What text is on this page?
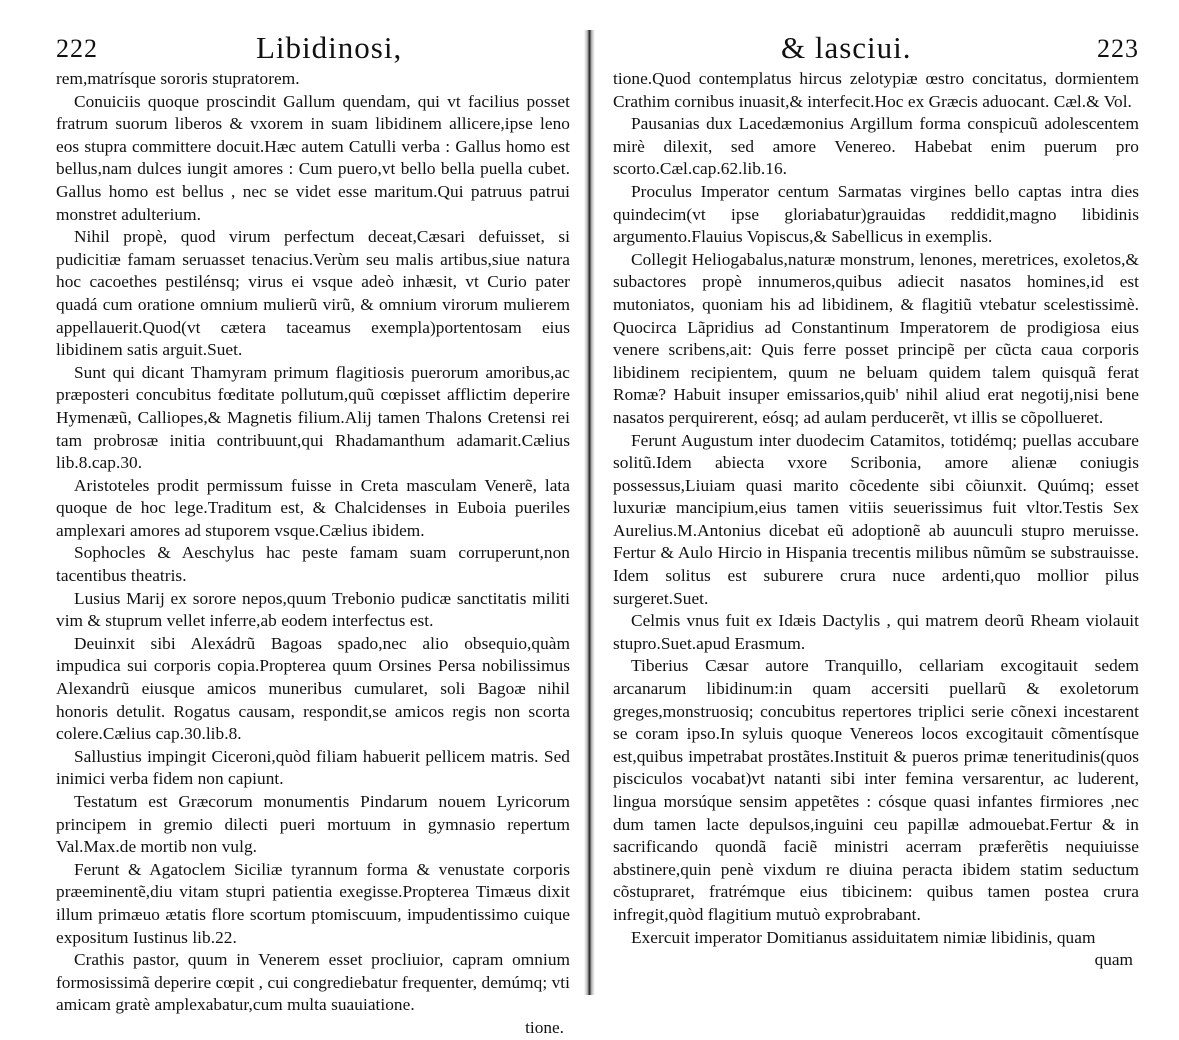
222	Libidinosi,

rem,matrísque sororis stupratorem.

Conuiciis quoque proscindit Gallum quendam, qui vt facilius posset fratrum suorum liberos & vxorem in suam libidinem allicere,ipse leno eos stupra committere docuit.Hæc autem Catulli verba : Gallus homo est bellus,nam dulces iungit amores : Cum puero,vt bello bella puella cubet. Gallus homo est bellus , nec se videt esse maritum.Qui patruus patrui monstret adulterium.

Nihil propè, quod virum perfectum deceat,Cæsari defuisset, si pudicitiæ famam seruasset tenacius.Verùm seu malis artibus,siue natura hoc cacoethes pestilénsq; virus ei vsque adeò inhæsit, vt Curio pater quadá cum oratione omnium mulierũ virũ, & omnium virorum mulierem appellauerit.Quod(vt cætera taceamus exempla)portentosam eius libidinem satis arguit.Suet.

Sunt qui dicant Thamyram primum flagitiosis puerorum amoribus,ac præposteri concubitus fœditate pollutum,quũ cœpisset afflictim deperire Hymenæũ, Calliopes,& Magnetis filium.Alij tamen Thalons Cretensi rei tam probrosæ initia contribuunt,qui Rhadamanthum adamarit.Cælius lib.8.cap.30.

Aristoteles prodit permissum fuisse in Creta masculam Venerẽ, lata quoque de hoc lege.Traditum est, & Chalcidenses in Euboia pueriles amplexari amores ad stuporem vsque.Cælius ibidem.

Sophocles & Aeschylus hac peste famam suam corruperunt,non tacentibus theatris.

Lusius Marij ex sorore nepos,quum Trebonio pudicæ sanctitatis militi vim & stuprum vellet inferre,ab eodem interfectus est.

Deuinxit sibi Alexádrũ Bagoas spado,nec alio obsequio,quàm impudica sui corporis copia.Propterea quum Orsines Persa nobilissimus Alexandrũ eiusque amicos muneribus cumularet, soli Bagoæ nihil honoris detulit. Rogatus causam, respondit,se amicos regis non scorta colere.Cælius cap.30.lib.8.

Sallustius impingit Ciceroni,quòd filiam habuerit pellicem matris. Sed inimici verba fidem non capiunt.

Testatum est Græcorum monumentis Pindarum nouem Lyricorum principem in gremio dilecti pueri mortuum in gymnasio repertum Val.Max.de mortib non vulg.

Ferunt & Agatoclem Siciliæ tyrannum forma & venustate corporis præeminentẽ,diu vitam stupri patientia exegisse.Propterea Timæus dixit illum primæuo ætatis flore scortum ptomiscuum, impudentissimo cuique expositum Iustinus lib.22.

Crathis pastor, quum in Venerem esset procliuior, capram omnium formosissimã deperire cœpit , cui congrediebatur frequenter, demúmq; vti amicam gratè amplexabatur,cum multa suauiatione.

tione.
& lasciui.	223

tione.Quod contemplatus hircus zelotypiæ œstro concitatus, dormientem Crathim cornibus inuasit,& interfecit.Hoc ex Græcis aduocant. Cæl.& Vol.

Pausanias dux Lacedæmonius Argillum forma conspicuũ adolescentem mirè dilexit, sed amore Venereo. Habebat enim puerum pro scorto.Cæl.cap.62.lib.16.

Proculus Imperator centum Sarmatas virgines bello captas intra dies quindecim(vt ipse gloriabatur)grauidas reddidit,magno libidinis argumento.Flauius Vopiscus,& Sabellicus in exemplis.

Collegit Heliogabalus,naturæ monstrum, lenones, meretrices, exoletos,& subactores propè innumeros,quibus adiecit nasatos homines,id est mutoniatos, quoniam his ad libidinem, & flagitiũ vtebatur scelestissimè. Quocirca Lãpridius ad Constantinum Imperatorem de prodigiosa eius venere scribens,ait: Quis ferre posset principẽ per cũcta caua corporis libidinem recipientem, quum ne beluam quidem talem quisquã ferat Romæ? Habuit insuper emissarios,quib' nihil aliud erat negotij,nisi bene nasatos perquirerent, eósq; ad aulam perducerẽt, vt illis se cõpollueret.

Ferunt Augustum inter duodecim Catamitos, totidémq; puellas accubare solitũ.Idem abiecta vxore Scribonia, amore alienæ coniugis possessus,Liuiam quasi marito cõcedente sibi cõiunxit. Quúmq; esset luxuriæ mancipium,eius tamen vitiis seuerissimus fuit vltor.Testis Sex Aurelius.M.Antonius dicebat eũ adoptionẽ ab auunculi stupro meruisse. Fertur & Aulo Hircio in Hispania trecentis milibus nũmũm se substrauisse. Idem solitus est suburere crura nuce ardenti,quo mollior pilus surgeret.Suet.

Celmis vnus fuit ex Idæis Dactylis , qui matrem deorũ Rheam violauit stupro.Suet.apud Erasmum.

Tiberius Cæsar autore Tranquillo, cellariam excogitauit sedem arcanarum libidinum:in quam accersiti puellarũ & exoletorum greges,monstruosiq; concubitus repertores triplici serie cõnexi incestarent se coram ipso.In syluis quoque Venereos locos excogitauit cõmentísque est,quibus impetrabat prostãtes.Instituit & pueros primæ teneritudinis(quos pisciculos vocabat)vt natanti sibi inter femina versarentur, ac luderent, lingua morsúque sensim appetẽtes : cósque quasi infantes firmiores ,nec dum tamen lacte depulsos,inguini ceu papillæ admouebat.Fertur & in sacrificando quondã faciẽ ministri acerram præferẽtis nequiuisse abstinere,quin penè vixdum re diuina peracta ibidem statim seductum cõstupraret, fratrémque eius tibicinem: quibus tamen postea crura infregit,quòd flagitium mutuò exprobrabant.

Exercuit imperator Domitianus assiduitatem nimiæ libidinis, quam

quam
